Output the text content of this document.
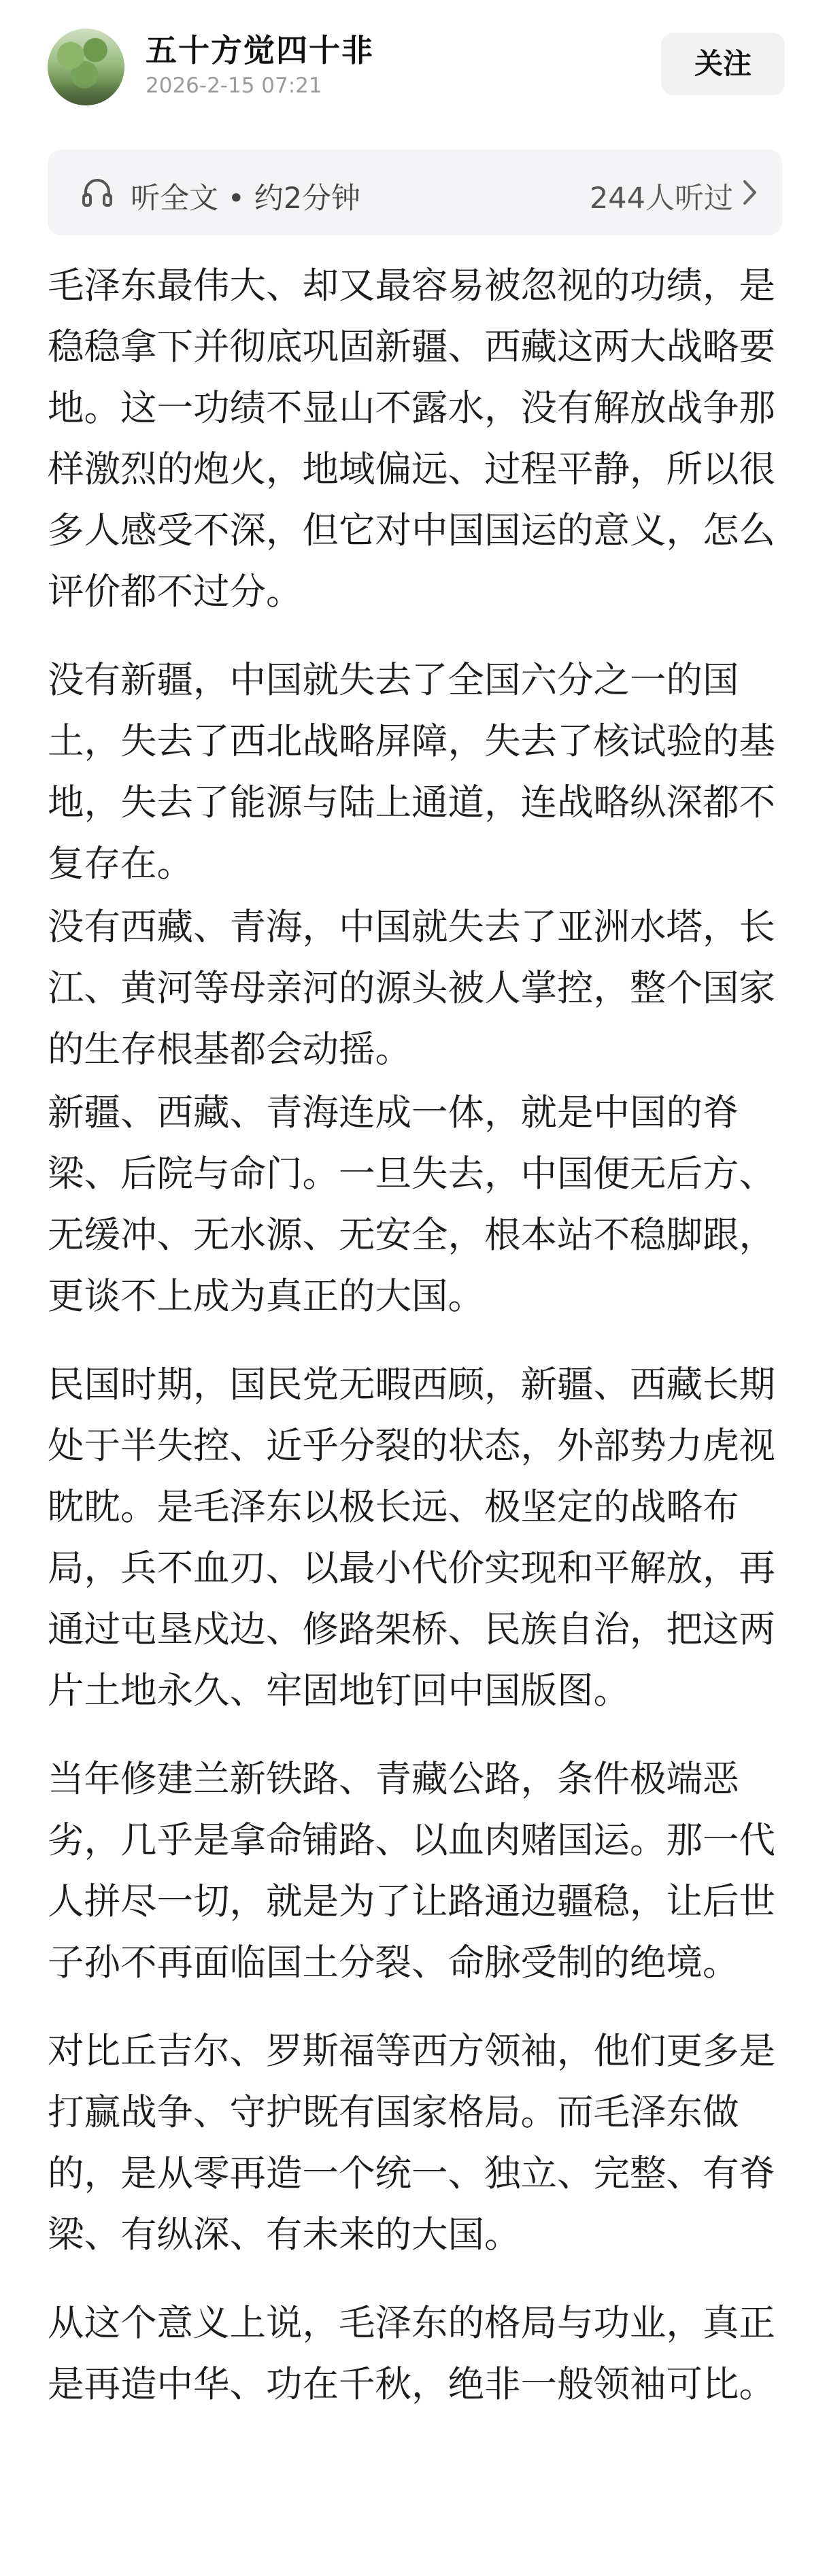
五十方觉四十非
2026-2-15 07:21
关注
听全文 • 约2分钟	244人听过

毛泽东最伟大、却又最容易被忽视的功绩，是稳稳拿下并彻底巩固新疆、西藏这两大战略要地。这一功绩不显山不露水，没有解放战争那样激烈的炮火，地域偏远、过程平静，所以很多人感受不深，但它对中国国运的意义，怎么评价都不过分。

没有新疆，中国就失去了全国六分之一的国土，失去了西北战略屏障，失去了核试验的基地，失去了能源与陆上通道，连战略纵深都不复存在。

没有西藏、青海，中国就失去了亚洲水塔，长江、黄河等母亲河的源头被人掌控，整个国家的生存根基都会动摇。

新疆、西藏、青海连成一体，就是中国的脊梁、后院与命门。一旦失去，中国便无后方、无缓冲、无水源、无安全，根本站不稳脚跟，更谈不上成为真正的大国。

民国时期，国民党无暇西顾，新疆、西藏长期处于半失控、近乎分裂的状态，外部势力虎视眈眈。是毛泽东以极长远、极坚定的战略布局，兵不血刃、以最小代价实现和平解放，再通过屯垦戍边、修路架桥、民族自治，把这两片土地永久、牢固地钉回中国版图。

当年修建兰新铁路、青藏公路，条件极端恶劣，几乎是拿命铺路、以血肉赌国运。那一代人拼尽一切，就是为了让路通边疆稳，让后世子孙不再面临国土分裂、命脉受制的绝境。

对比丘吉尔、罗斯福等西方领袖，他们更多是打赢战争、守护既有国家格局。而毛泽东做的，是从零再造一个统一、独立、完整、有脊梁、有纵深、有未来的大国。

从这个意义上说，毛泽东的格局与功业，真正是再造中华、功在千秋，绝非一般领袖可比。
